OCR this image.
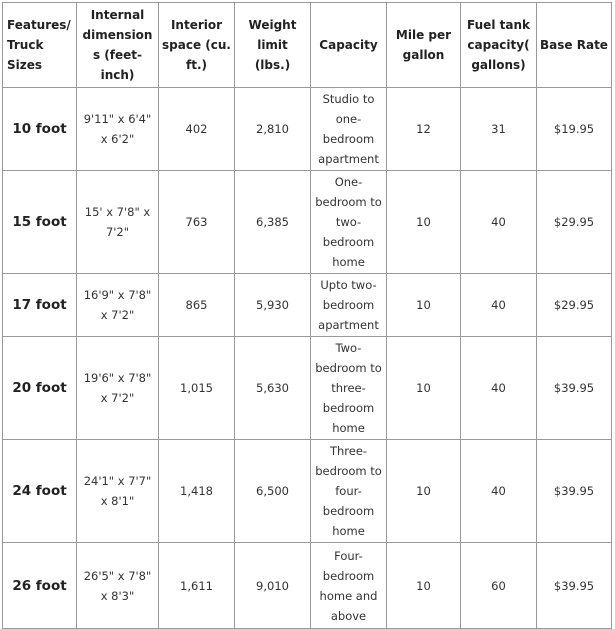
Features/ Truck Sizes	Internal dimensions (feet-inch)	Interior space (cu. ft.)	Weight limit (lbs.)	Capacity	Mile per gallon	Fuel tank capacity(gallons)	Base Rate
10 foot	9'11" x 6'4" x 6'2"	402	2,810	Studio to one-bedroom apartment	12	31	$19.95
15 foot	15' x 7'8" x 7'2"	763	6,385	One-bedroom to two-bedroom home	10	40	$29.95
17 foot	16'9" x 7'8" x 7'2"	865	5,930	Upto two-bedroom apartment	10	40	$29.95
20 foot	19'6" x 7'8" x 7'2"	1,015	5,630	Two-bedroom to three-bedroom home	10	40	$39.95
24 foot	24'1" x 7'7" x 8'1"	1,418	6,500	Three-bedroom to four-bedroom home	10	40	$39.95
26 foot	26'5" x 7'8" x 8'3"	1,611	9,010	Four-bedroom home and above	10	60	$39.95
